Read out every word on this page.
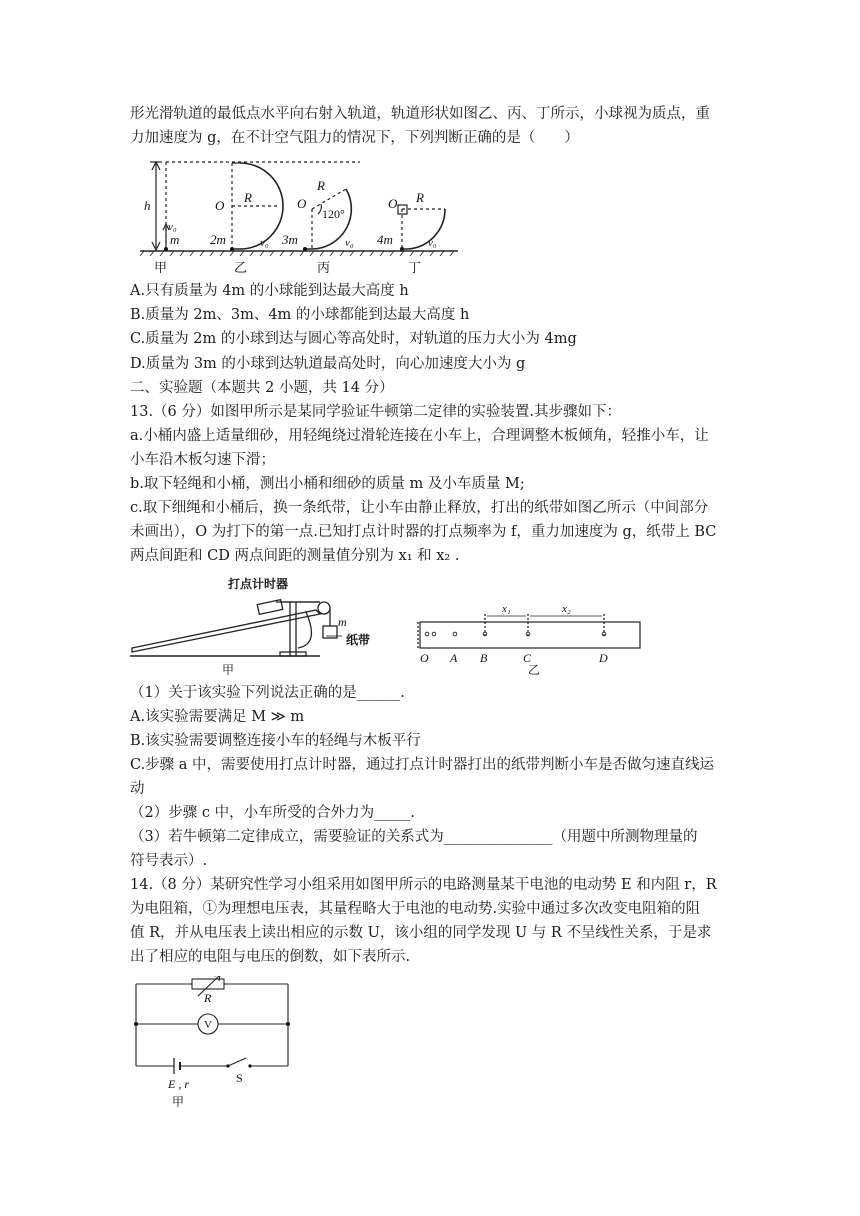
形光滑轨道的最低点水平向右射入轨道，轨道形状如图乙、丙、丁所示，小球视为质点，重
力加速度为 g，在不计空气阻力的情况下，下列判断正确的是（　　）
h
v₀
m 2m	3m	4m
O
R
v₀
O
R
120°
v₀
O R
v₀
甲	乙	丙	丁
A.只有质量为 4m 的小球能到达最大高度 h
B.质量为 2m、3m、4m 的小球都能到达最大高度 h
C.质量为 2m 的小球到达与圆心等高处时，对轨道的压力大小为 4mg
D.质量为 3m 的小球到达轨道最高处时，向心加速度大小为 g
二、实验题（本题共 2 小题，共 14 分）
13.（6 分）如图甲所示是某同学验证牛顿第二定律的实验装置.其步骤如下：
a.小桶内盛上适量细砂，用轻绳绕过滑轮连接在小车上，合理调整木板倾角，轻推小车，让
小车沿木板匀速下滑；
b.取下轻绳和小桶，测出小桶和细砂的质量 m 及小车质量 M;
c.取下细绳和小桶后，换一条纸带，让小车由静止释放，打出的纸带如图乙所示（中间部分
未画出），O 为打下的第一点.已知打点计时器的打点频率为 f，重力加速度为 g，纸带上 BC
两点间距和 CD 两点间距的测量值分别为 x₁ 和 x₂ .
打点计时器
m
纸带
甲	乙
O A B	C	D
x₁	x₂
（1）关于该实验下列说法正确的是______.
A.该实验需要满足 M ≫ m
B.该实验需要调整连接小车的轻绳与木板平行
C.步骤 a 中，需要使用打点计时器，通过打点计时器打出的纸带判断小车是否做匀速直线运
动
（2）步骤 c 中，小车所受的合外力为_____.
（3）若牛顿第二定律成立，需要验证的关系式为_______________（用题中所测物理量的
符号表示）.
14.（8 分）某研究性学习小组采用如图甲所示的电路测量某干电池的电动势 E 和内阻 r，R
为电阻箱，①为理想电压表，其量程略大于电池的电动势.实验中通过多次改变电阻箱的阻
值 R，并从电压表上读出相应的示数 U，该小组的同学发现 U 与 R 不呈线性关系，于是求
出了相应的电阻与电压的倒数，如下表所示.
R
V
E , r	S
甲
